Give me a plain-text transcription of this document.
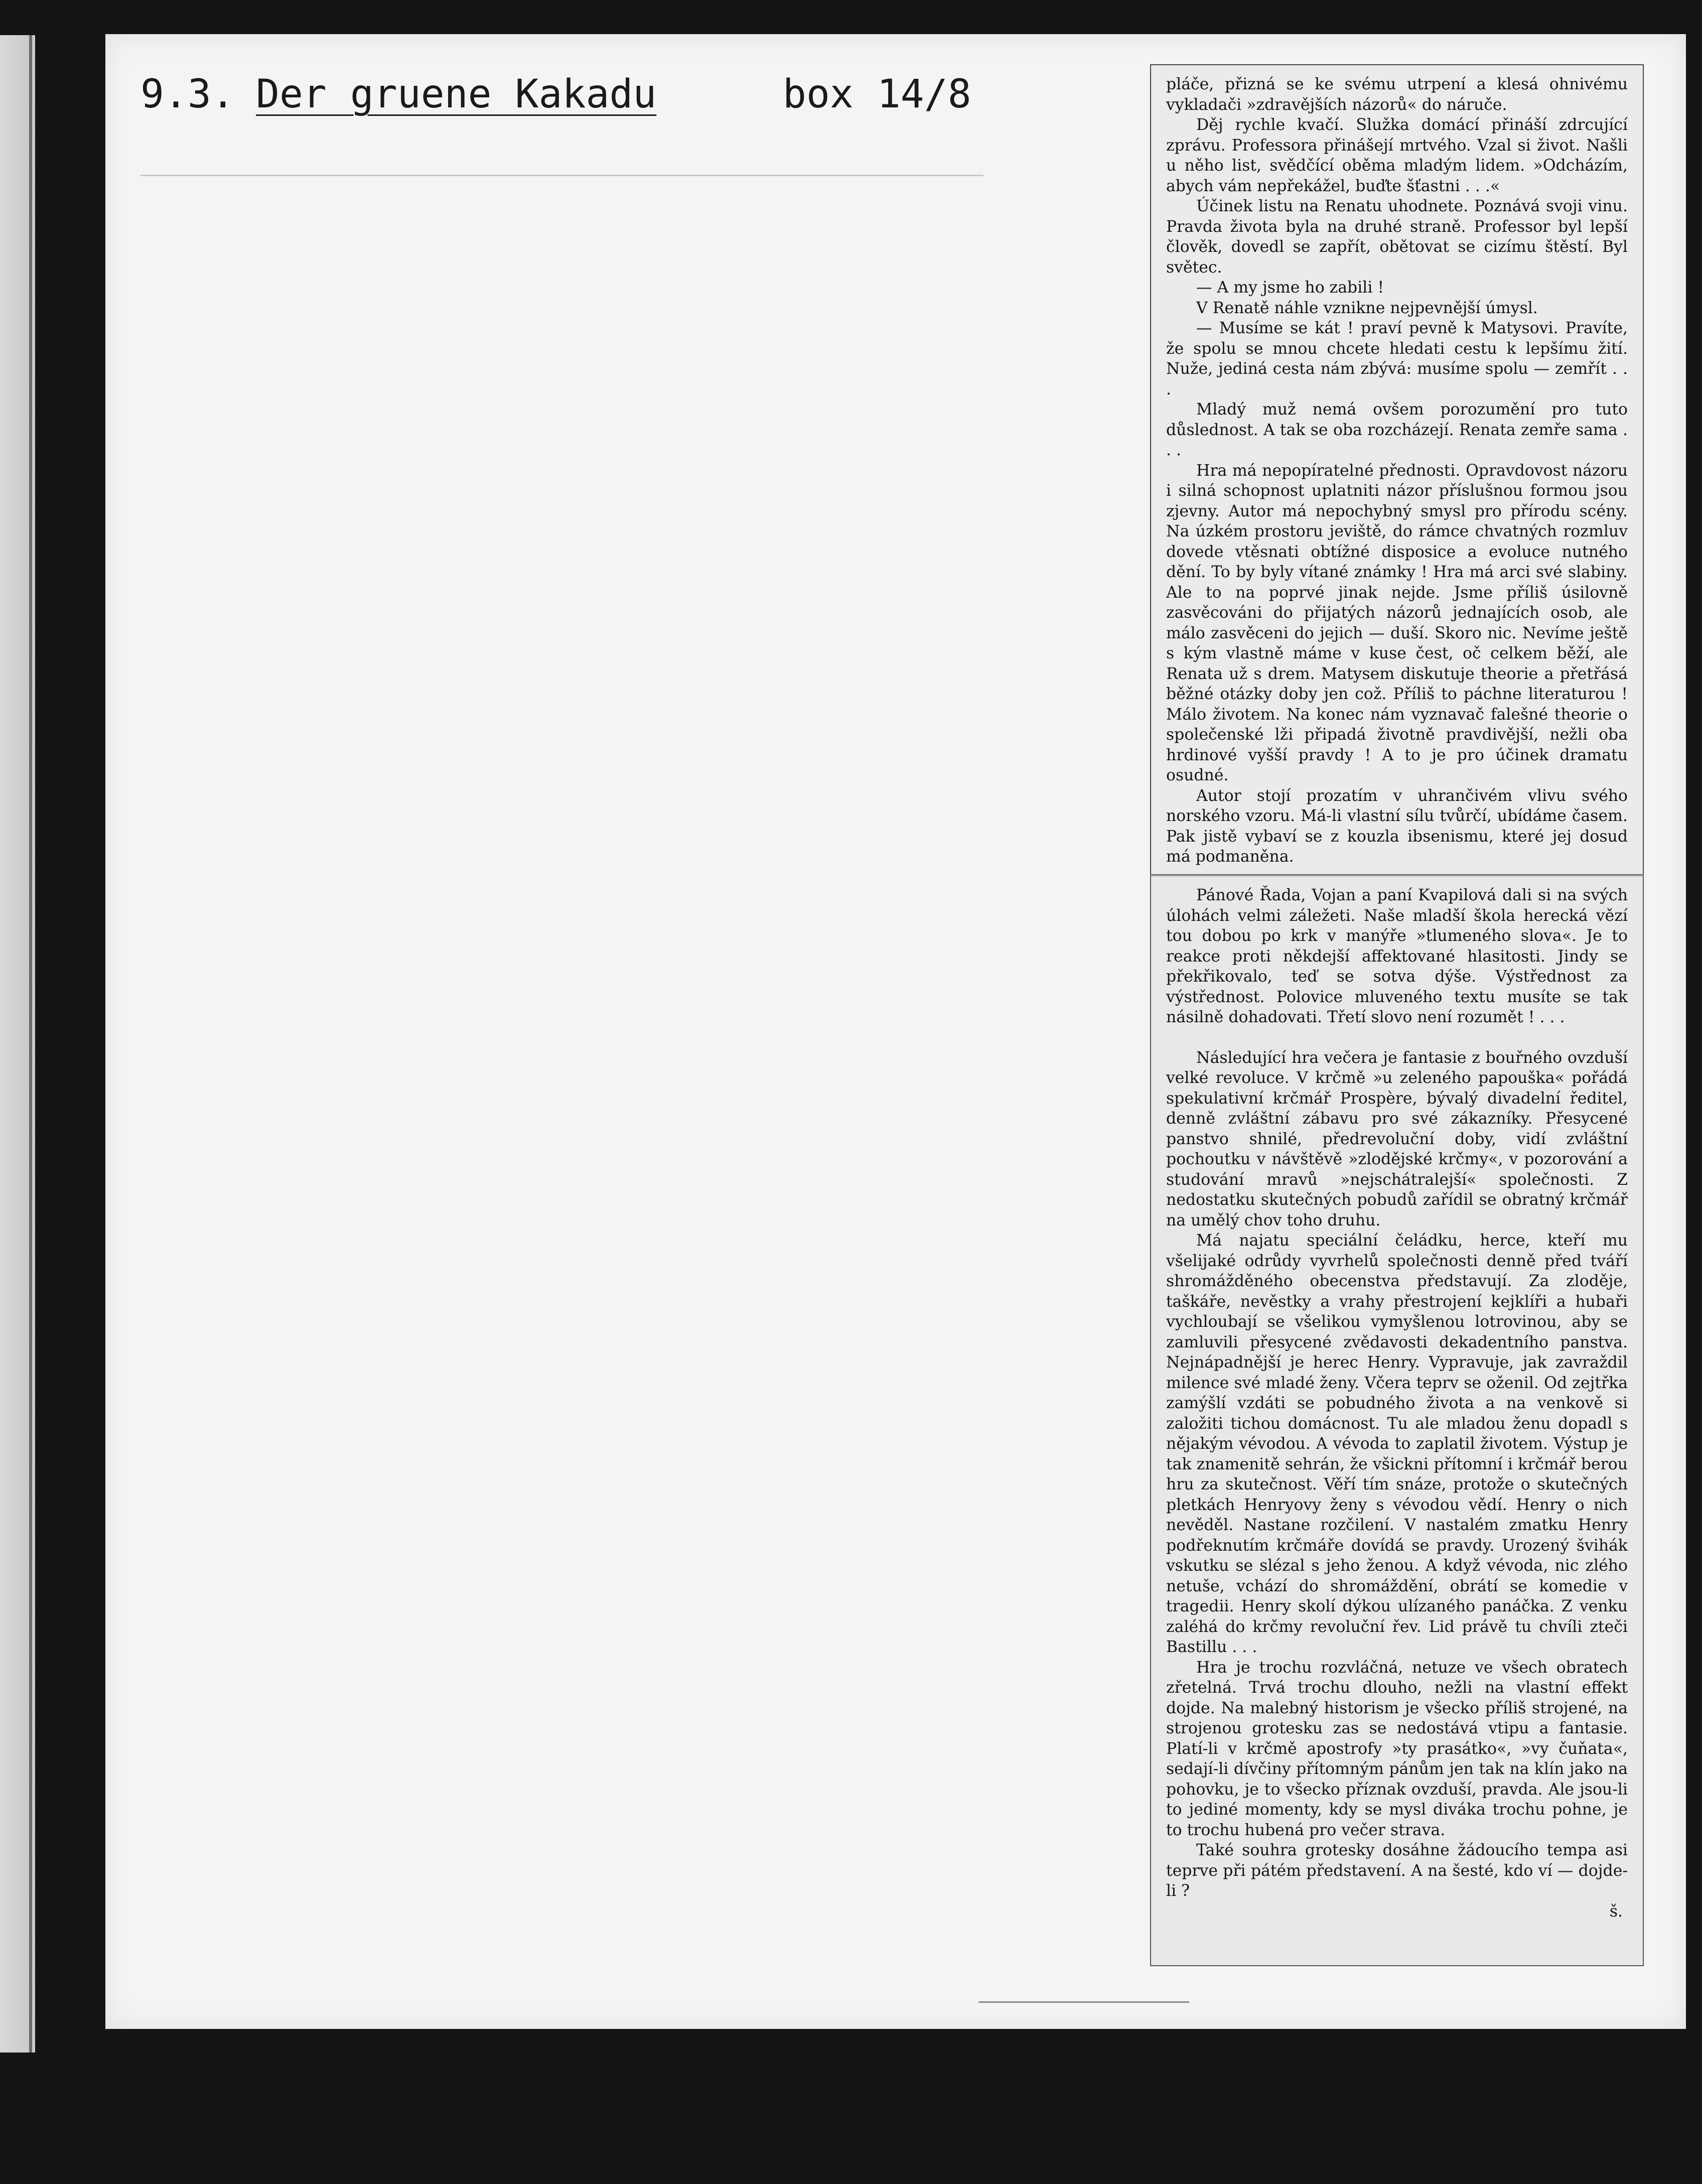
9.3. Der gruene Kakadu	box 14/8	pláče, přizná se ke svému utrpení a klesá ohnivému vykladači »zdravějších názorů« do náruče.

Děj rychle kvačí. Služka domácí přináší zdrcující zprávu. Professora přinášejí mrtvého. Vzal si život. Našli u něho list, svědčící oběma mladým lidem. »Odcházím, abych vám nepřekážel, buďte šťastni . . .«

Účinek listu na Renatu uhodnete. Poznává svoji vinu. Pravda života byla na druhé straně. Professor byl lepší člověk, dovedl se zapřít, obětovat se cizímu štěstí. Byl světec.

— A my jsme ho zabili !

V Renatě náhle vznikne nejpevnější úmysl.

— Musíme se kát ! praví pevně k Matysovi. Pravíte, že spolu se mnou chcete hledati cestu k lepšímu žití. Nuže, jediná cesta nám zbývá: musíme spolu — zemřít . . .

Mladý muž nemá ovšem porozumění pro tuto důslednost. A tak se oba rozcházejí. Renata zemře sama . . .

Hra má nepopíratelné přednosti. Opravdovost názoru i silná schopnost uplatniti názor příslušnou formou jsou zjevny. Autor má nepochybný smysl pro přírodu scény. Na úzkém prostoru jeviště, do rámce chvatných rozmluv dovede vtěsnati obtížné disposice a evoluce nutného dění. To by byly vítané známky ! Hra má arci své slabiny. Ale to na poprvé jinak nejde. Jsme příliš úsilovně zasvěcováni do přijatých názorů jednajících osob, ale málo zasvěceni do jejich — duší. Skoro nic. Nevíme ještě s kým vlastně máme v kuse čest, oč celkem běží, ale Renata už s drem. Matysem diskutuje theorie a přetřásá běžné otázky doby jen což. Příliš to páchne literaturou ! Málo životem. Na konec nám vyznavač falešné theorie o společenské lži připadá životně pravdivější, nežli oba hrdinové vyšší pravdy ! A to je pro účinek dramatu osudné.

Autor stojí prozatím v uhrančivém vlivu svého norského vzoru. Má-li vlastní sílu tvůrčí, ubídáme časem. Pak jistě vybaví se z kouzla ibsenismu, které jej dosud má podmaněna.

Pánové Řada, Vojan a paní Kvapilová dali si na svých úlohách velmi záležeti. Naše mladší škola herecká vězí tou dobou po krk v manýře »tlumeného slova«. Je to reakce proti někdejší affektované hlasitosti. Jindy se překřikovalo, teď se sotva dýše. Výstřednost za výstřednost. Polovice mluveného textu musíte se tak násilně dohadovati. Třetí slovo není rozumět ! . . .

Následující hra večera je fantasie z bouřného ovzduší velké revoluce. V krčmě »u zeleného papouška« pořádá spekulativní krčmář Prospère, bývalý divadelní ředitel, denně zvláštní zábavu pro své zákazníky. Přesycené panstvo shnilé, předrevoluční doby, vidí zvláštní pochoutku v návštěvě »zlodějské krčmy«, v pozorování a studování mravů »nejschátralejší« společnosti. Z nedostatku skutečných pobudů zařídil se obratný krčmář na umělý chov toho druhu.

Má najatu speciální čeládku, herce, kteří mu všelijaké odrůdy vyvrhelů společnosti denně před tváří shromážděného obecenstva představují. Za zloděje, taškáře, nevěstky a vrahy přestrojení kejklíři a hubaři vychloubají se všelikou vymyšlenou lotrovinou, aby se zamluvili přesycené zvědavosti dekadentního panstva. Nejnápadnější je herec Henry. Vypravuje, jak zavraždil milence své mladé ženy. Včera teprv se oženil. Od zejtřka zamýšlí vzdáti se pobudného života a na venkově si založiti tichou domácnost. Tu ale mladou ženu dopadl s nějakým vévodou. A vévoda to zaplatil životem. Výstup je tak znamenitě sehrán, že všickni přítomní i krčmář berou hru za skutečnost. Věří tím snáze, protože o skutečných pletkách Henryovy ženy s vévodou vědí. Henry o nich nevěděl. Nastane rozčilení. V nastalém zmatku Henry podřeknutím krčmáře dovídá se pravdy. Urozený švihák vskutku se slézal s jeho ženou. A když vévoda, nic zlého netuše, vchází do shromáždění, obrátí se komedie v tragedii. Henry skolí dýkou ulízaného panáčka. Z venku zaléhá do krčmy revoluční řev. Lid právě tu chvíli zteči Bastillu . . .

Hra je trochu rozvláčná, netuze ve všech obratech zřetelná. Trvá trochu dlouho, nežli na vlastní effekt dojde. Na malebný historism je všecko příliš strojené, na strojenou grotesku zas se nedostává vtipu a fantasie. Platí-li v krčmě apostrofy »ty prasátko«, »vy čuňata«, sedají-li dívčiny přítomným pánům jen tak na klín jako na pohovku, je to všecko příznak ovzduší, pravda. Ale jsou-li to jediné momenty, kdy se mysl diváka trochu pohne, je to trochu hubená pro večer strava.

Také souhra grotesky dosáhne žádoucího tempa asi teprve při pátém představení. A na šesté, kdo ví — dojde-li ?

š.
